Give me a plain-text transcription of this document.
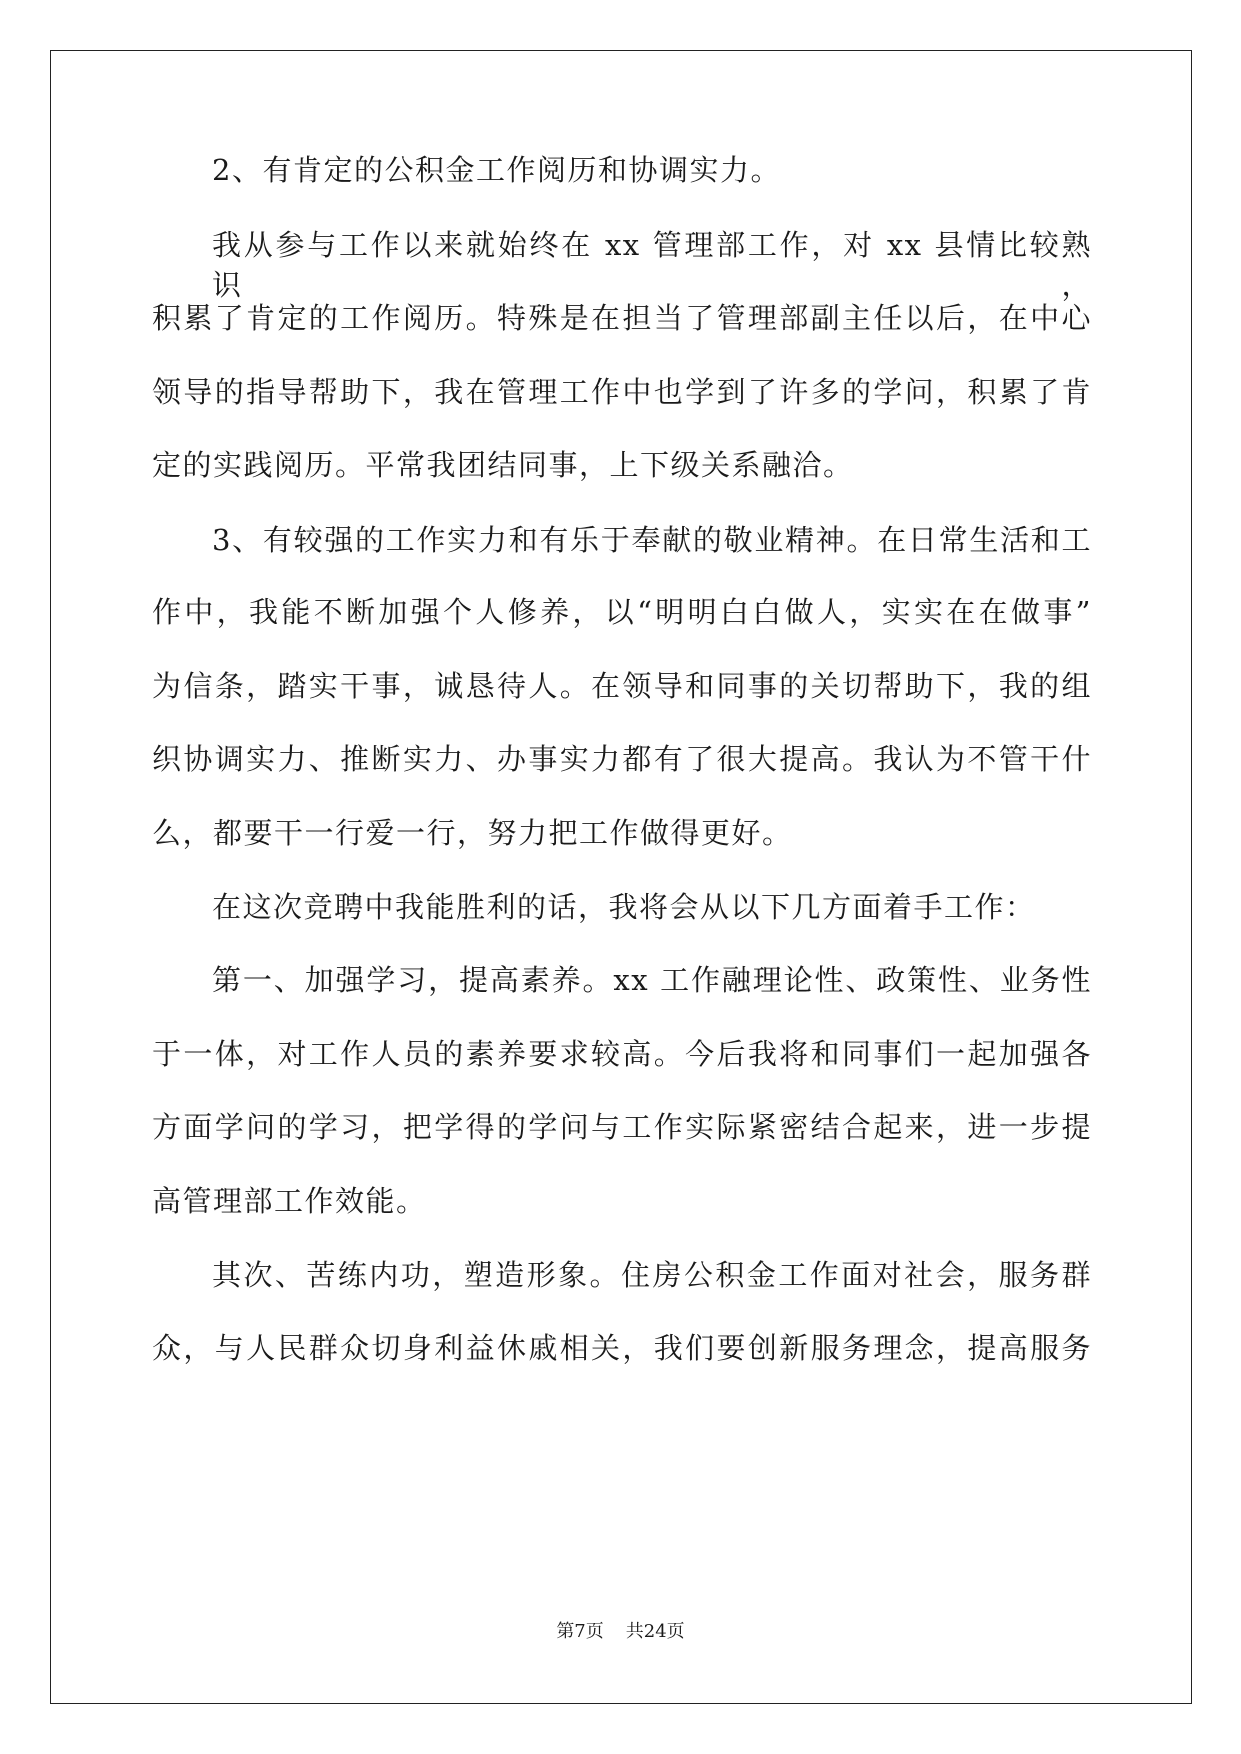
2、有肯定的公积金工作阅历和协调实力。
我从参与工作以来就始终在 xx 管理部工作，对 xx 县情比较熟识，
积累了肯定的工作阅历。特殊是在担当了管理部副主任以后，在中心
领导的指导帮助下，我在管理工作中也学到了许多的学问，积累了肯
定的实践阅历。平常我团结同事，上下级关系融洽。
3、有较强的工作实力和有乐于奉献的敬业精神。在日常生活和工
作中，我能不断加强个人修养，以“明明白白做人，实实在在做事”
为信条，踏实干事，诚恳待人。在领导和同事的关切帮助下，我的组
织协调实力、推断实力、办事实力都有了很大提高。我认为不管干什
么，都要干一行爱一行，努力把工作做得更好。
在这次竞聘中我能胜利的话，我将会从以下几方面着手工作：
第一、加强学习，提高素养。xx 工作融理论性、政策性、业务性
于一体，对工作人员的素养要求较高。今后我将和同事们一起加强各
方面学问的学习，把学得的学问与工作实际紧密结合起来，进一步提
高管理部工作效能。
其次、苦练内功，塑造形象。住房公积金工作面对社会，服务群
众，与人民群众切身利益休戚相关，我们要创新服务理念，提高服务
第7页 共24页
